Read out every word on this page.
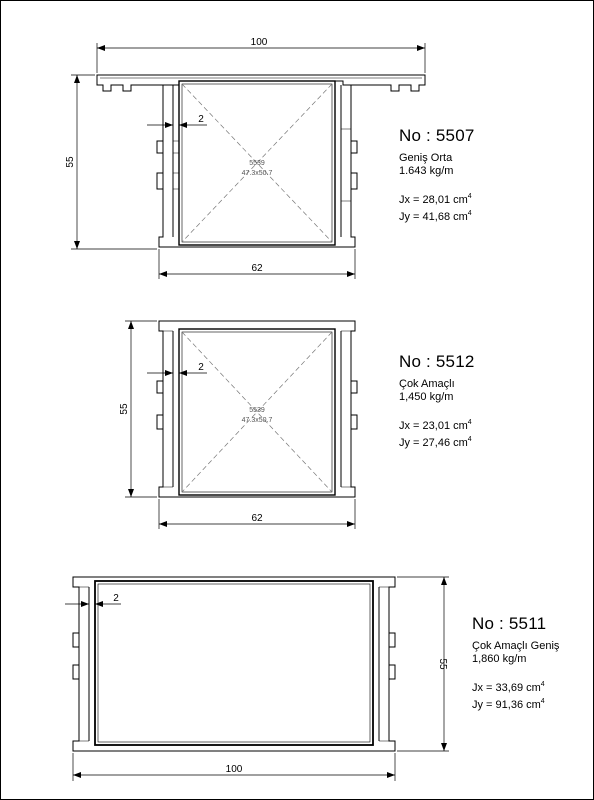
100
55
62
2
5539
47.3x50.7
55
62
2
5539
47.3x50.7
55
100
2
No : 5507
Geniş Orta
1.643 kg/m
Jx = 28,01 $cm^4$
Jy = 41,68 $cm^4$
No : 5512
Çok Amaçlı
1,450 kg/m
Jx = 23,01 $cm^4$
Jy = 27,46 $cm^4$
No : 5511
Çok Amaçlı Geniş
1,860 kg/m
Jx = 33,69 $cm^4$
Jy = 91,36 $cm^4$
